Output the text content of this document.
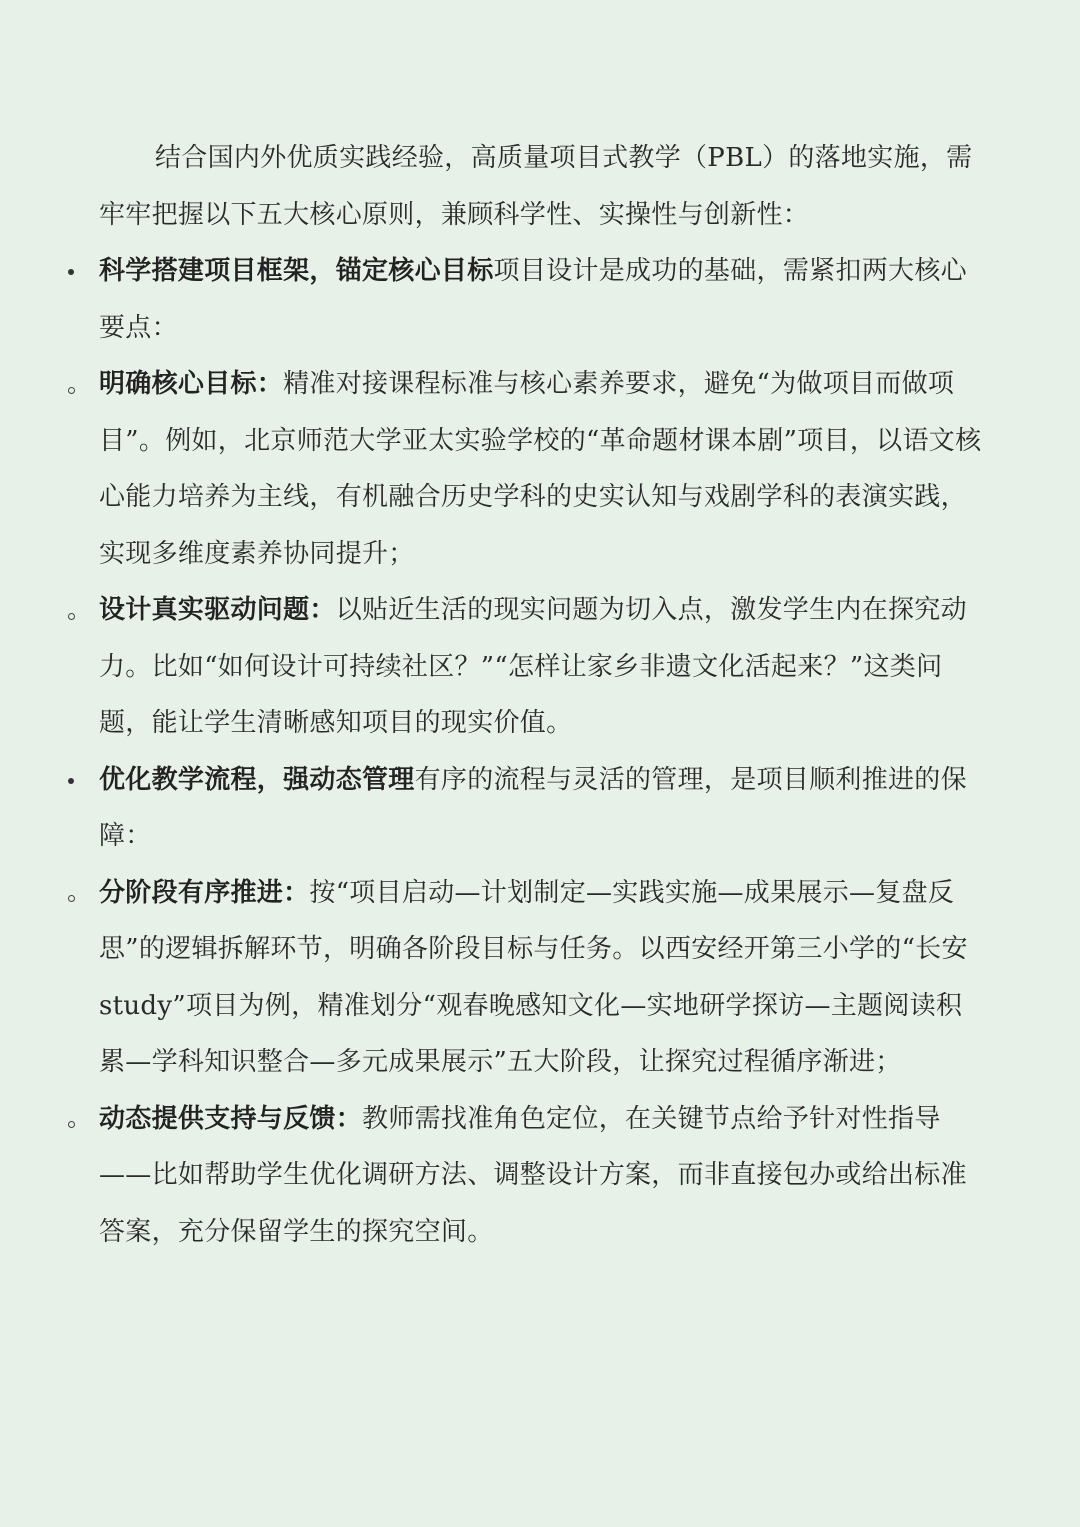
结合国内外优质实践经验，高质量项目式教学（PBL）的落地实施，需牢牢把握以下五大核心原则，兼顾科学性、实操性与创新性：

科学搭建项目框架，锚定核心目标项目设计是成功的基础，需紧扣两大核心要点：
明确核心目标：精准对接课程标准与核心素养要求，避免“为做项目而做项目”。例如，北京师范大学亚太实验学校的“革命题材课本剧”项目，以语文核心能力培养为主线，有机融合历史学科的史实认知与戏剧学科的表演实践，实现多维度素养协同提升；
设计真实驱动问题：以贴近生活的现实问题为切入点，激发学生内在探究动力。比如“如何设计可持续社区？”“怎样让家乡非遗文化活起来？”这类问题，能让学生清晰感知项目的现实价值。
优化教学流程，强动态管理有序的流程与灵活的管理，是项目顺利推进的保障：
分阶段有序推进：按“项目启动—计划制定—实践实施—成果展示—复盘反思”的逻辑拆解环节，明确各阶段目标与任务。以西安经开第三小学的“长安 study”项目为例，精准划分“观春晚感知文化—实地研学探访—主题阅读积累—学科知识整合—多元成果展示”五大阶段，让探究过程循序渐进；
动态提供支持与反馈：教师需找准角色定位，在关键节点给予针对性指导——比如帮助学生优化调研方法、调整设计方案，而非直接包办或给出标准答案，充分保留学生的探究空间。
